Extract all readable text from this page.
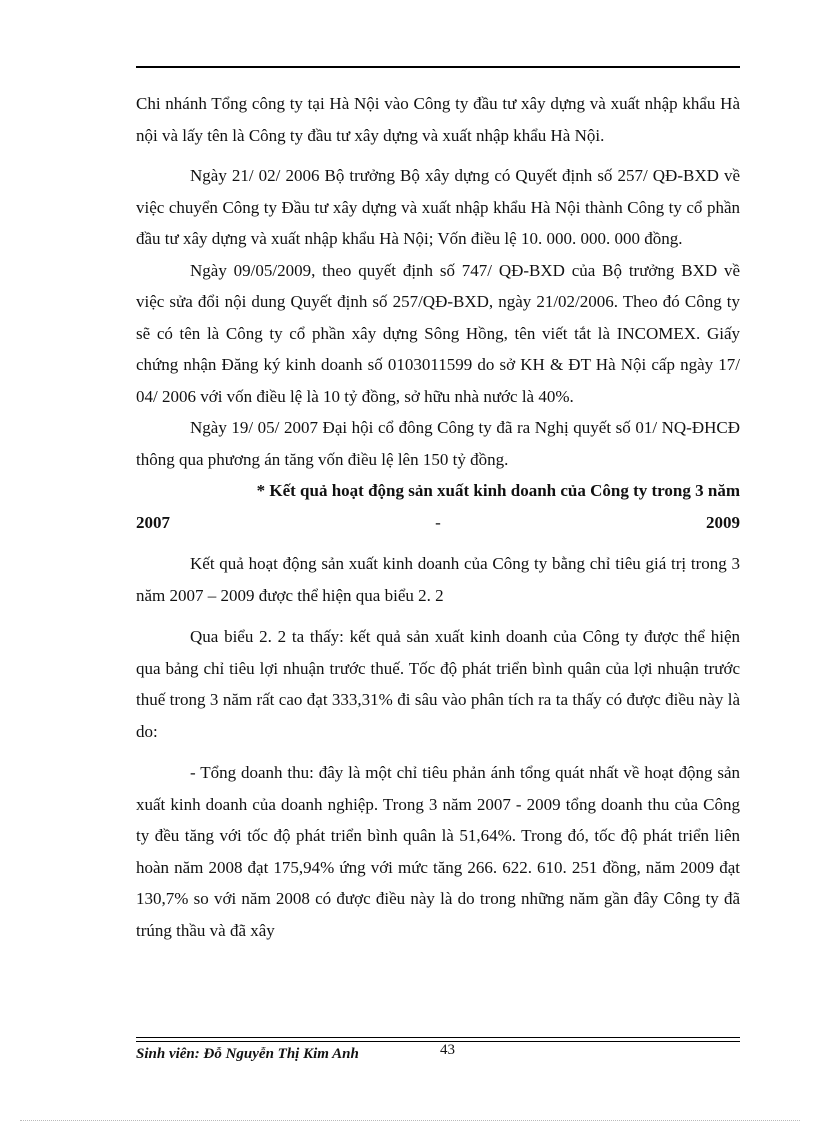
Chi nhánh Tổng công ty tại Hà Nội vào Công ty đầu tư xây dựng và xuất nhập khẩu Hà nội và lấy tên là Công ty đầu tư xây dựng và xuất nhập khẩu Hà Nội.

Ngày 21/ 02/ 2006 Bộ trưởng Bộ xây dựng có Quyết định số 257/ QĐ-BXD về việc chuyển Công ty Đầu tư xây dựng và xuất nhập khẩu Hà Nội thành Công ty cổ phần đầu tư xây dựng và xuất nhập khẩu Hà Nội; Vốn điều lệ 10. 000. 000. 000 đồng.

Ngày 09/05/2009, theo quyết định số 747/ QĐ-BXD của Bộ trưởng BXD về việc sửa đổi nội dung Quyết định số 257/QĐ-BXD, ngày 21/02/2006. Theo đó Công ty sẽ có tên là Công ty cổ phần xây dựng Sông Hồng, tên viết tắt là INCOMEX. Giấy chứng nhận Đăng ký kinh doanh số 0103011599 do sở KH & ĐT Hà Nội cấp ngày 17/ 04/ 2006 với vốn điều lệ là 10 tỷ đồng, sở hữu nhà nước là 40%.

Ngày 19/ 05/ 2007 Đại hội cổ đông Công ty đã ra Nghị quyết số 01/ NQ-ĐHCĐ thông qua phương án tăng vốn điều lệ lên 150 tỷ đồng.

* Kết quả hoạt động sản xuất kinh doanh của Công ty trong 3 năm

2007	-	2009

Kết quả hoạt động sản xuất kinh doanh của Công ty bằng chỉ tiêu giá trị trong 3 năm 2007 – 2009 được thể hiện qua biểu 2. 2

Qua biểu 2. 2 ta thấy: kết quả sản xuất kinh doanh của Công ty được thể hiện qua bảng chỉ tiêu lợi nhuận trước thuế. Tốc độ phát triển bình quân của lợi nhuận trước thuế trong 3 năm rất cao đạt 333,31% đi sâu vào phân tích ra ta thấy có được điều này là do:

- Tổng doanh thu: đây là một chỉ tiêu phản ánh tổng quát nhất về hoạt động sản xuất kinh doanh của doanh nghiệp. Trong 3 năm 2007 - 2009 tổng doanh thu của Công ty đều tăng với tốc độ phát triển bình quân là 51,64%. Trong đó, tốc độ phát triển liên hoàn năm 2008 đạt 175,94% ứng với mức tăng 266. 622. 610. 251 đồng, năm 2009 đạt 130,7% so với năm 2008 có được điều này là do trong những năm gần đây Công ty đã trúng thầu và đã xây

Sinh viên: Đỗ Nguyễn Thị Kim Anh	43
